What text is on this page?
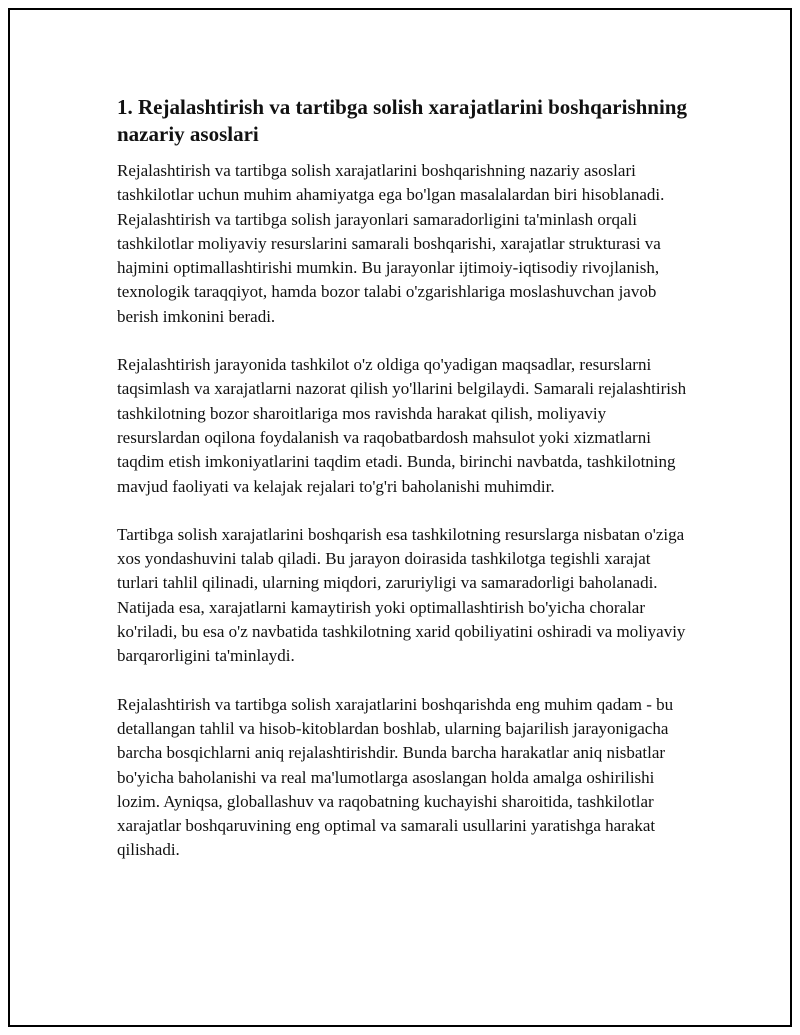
1. Rejalashtirish va tartibga solish xarajatlarini boshqarishning nazariy asoslari

Rejalashtirish va tartibga solish xarajatlarini boshqarishning nazariy asoslari tashkilotlar uchun muhim ahamiyatga ega bo'lgan masalalardan biri hisoblanadi. Rejalashtirish va tartibga solish jarayonlari samaradorligini ta'minlash orqali tashkilotlar moliyaviy resurslarini samarali boshqarishi, xarajatlar strukturasi va hajmini optimallashtirishi mumkin. Bu jarayonlar ijtimoiy-iqtisodiy rivojlanish, texnologik taraqqiyot, hamda bozor talabi o'zgarishlariga moslashuvchan javob berish imkonini beradi.

Rejalashtirish jarayonida tashkilot o'z oldiga qo'yadigan maqsadlar, resurslarni taqsimlash va xarajatlarni nazorat qilish yo'llarini belgilaydi. Samarali rejalashtirish tashkilotning bozor sharoitlariga mos ravishda harakat qilish, moliyaviy resurslardan oqilona foydalanish va raqobatbardosh mahsulot yoki xizmatlarni taqdim etish imkoniyatlarini taqdim etadi. Bunda, birinchi navbatda, tashkilotning mavjud faoliyati va kelajak rejalari to'g'ri baholanishi muhimdir.

Tartibga solish xarajatlarini boshqarish esa tashkilotning resurslarga nisbatan o'ziga xos yondashuvini talab qiladi. Bu jarayon doirasida tashkilotga tegishli xarajat turlari tahlil qilinadi, ularning miqdori, zaruriyligi va samaradorligi baholanadi. Natijada esa, xarajatlarni kamaytirish yoki optimallashtirish bo'yicha choralar ko'riladi, bu esa o'z navbatida tashkilotning xarid qobiliyatini oshiradi va moliyaviy barqarorligini ta'minlaydi.

Rejalashtirish va tartibga solish xarajatlarini boshqarishda eng muhim qadam - bu detallangan tahlil va hisob-kitoblardan boshlab, ularning bajarilish jarayonigacha barcha bosqichlarni aniq rejalashtirishdir. Bunda barcha harakatlar aniq nisbatlar bo'yicha baholanishi va real ma'lumotlarga asoslangan holda amalga oshirilishi lozim. Ayniqsa, globallashuv va raqobatning kuchayishi sharoitida, tashkilotlar xarajatlar boshqaruvining eng optimal va samarali usullarini yaratishga harakat qilishadi.
